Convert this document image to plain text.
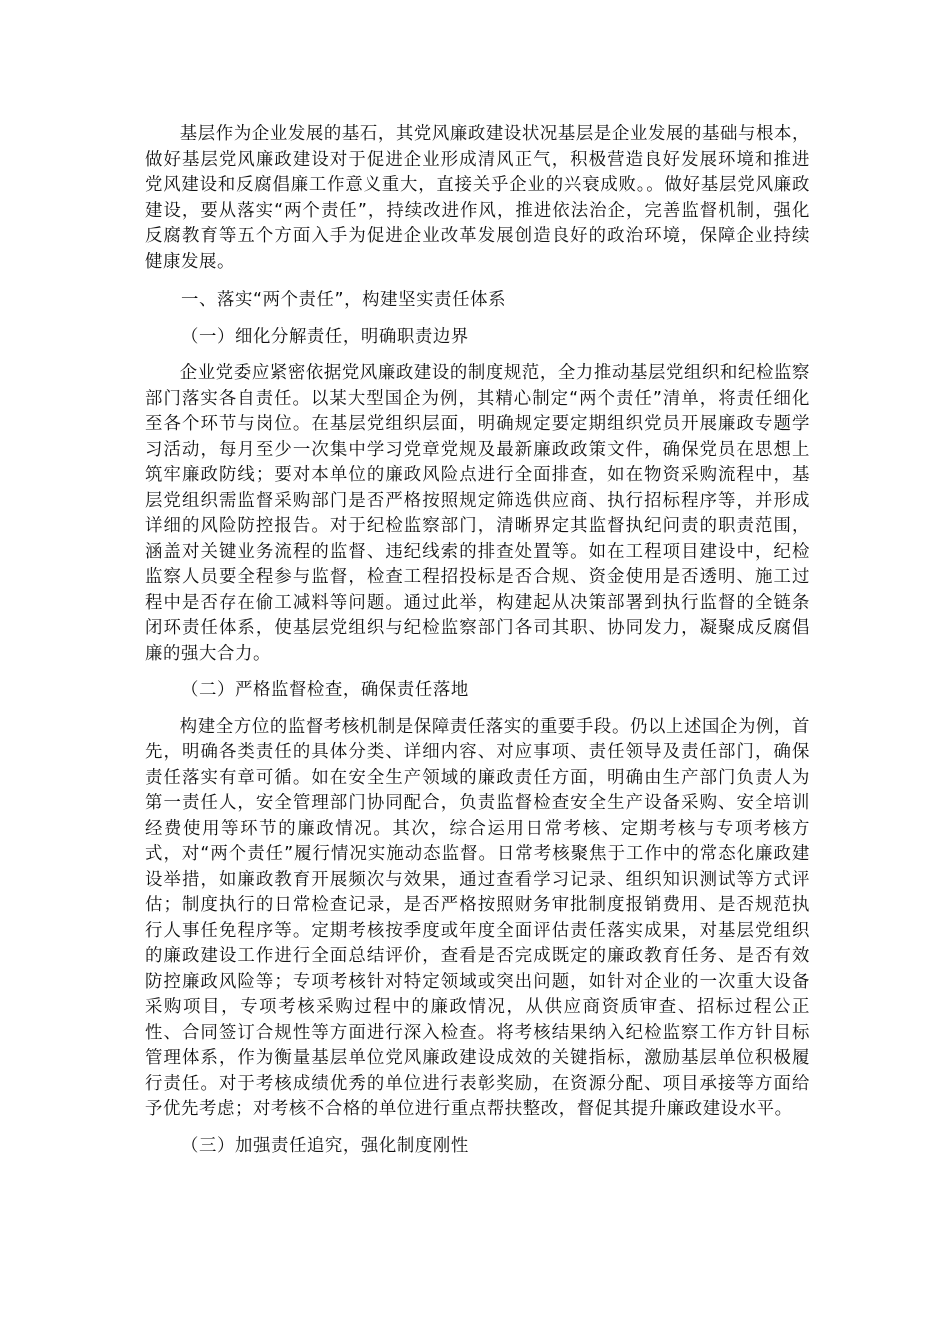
基层作为企业发展的基石，其党风廉政建设状况基层是企业发展的基础与根本，做好基层党风廉政建设对于促进企业形成清风正气，积极营造良好发展环境和推进党风建设和反腐倡廉工作意义重大，直接关乎企业的兴衰成败。。做好基层党风廉政建设，要从落实“两个责任”，持续改进作风，推进依法治企，完善监督机制，强化反腐教育等五个方面入手为促进企业改革发展创造良好的政治环境，保障企业持续健康发展。

一、落实“两个责任”，构建坚实责任体系

（一）细化分解责任，明确职责边界

企业党委应紧密依据党风廉政建设的制度规范，全力推动基层党组织和纪检监察部门落实各自责任。以某大型国企为例，其精心制定“两个责任”清单，将责任细化至各个环节与岗位。在基层党组织层面，明确规定要定期组织党员开展廉政专题学习活动，每月至少一次集中学习党章党规及最新廉政政策文件，确保党员在思想上筑牢廉政防线；要对本单位的廉政风险点进行全面排查，如在物资采购流程中，基层党组织需监督采购部门是否严格按照规定筛选供应商、执行招标程序等，并形成详细的风险防控报告。对于纪检监察部门，清晰界定其监督执纪问责的职责范围，涵盖对关键业务流程的监督、违纪线索的排查处置等。如在工程项目建设中，纪检监察人员要全程参与监督，检查工程招投标是否合规、资金使用是否透明、施工过程中是否存在偷工减料等问题。通过此举，构建起从决策部署到执行监督的全链条闭环责任体系，使基层党组织与纪检监察部门各司其职、协同发力，凝聚成反腐倡廉的强大合力。

（二）严格监督检查，确保责任落地

构建全方位的监督考核机制是保障责任落实的重要手段。仍以上述国企为例，首先，明确各类责任的具体分类、详细内容、对应事项、责任领导及责任部门，确保责任落实有章可循。如在安全生产领域的廉政责任方面，明确由生产部门负责人为第一责任人，安全管理部门协同配合，负责监督检查安全生产设备采购、安全培训经费使用等环节的廉政情况。其次，综合运用日常考核、定期考核与专项考核方式，对“两个责任”履行情况实施动态监督。日常考核聚焦于工作中的常态化廉政建设举措，如廉政教育开展频次与效果，通过查看学习记录、组织知识测试等方式评估；制度执行的日常检查记录，是否严格按照财务审批制度报销费用、是否规范执行人事任免程序等。定期考核按季度或年度全面评估责任落实成果，对基层党组织的廉政建设工作进行全面总结评价，查看是否完成既定的廉政教育任务、是否有效防控廉政风险等；专项考核针对特定领域或突出问题，如针对企业的一次重大设备采购项目，专项考核采购过程中的廉政情况，从供应商资质审查、招标过程公正性、合同签订合规性等方面进行深入检查。将考核结果纳入纪检监察工作方针目标管理体系，作为衡量基层单位党风廉政建设成效的关键指标，激励基层单位积极履行责任。对于考核成绩优秀的单位进行表彰奖励，在资源分配、项目承接等方面给予优先考虑；对考核不合格的单位进行重点帮扶整改，督促其提升廉政建设水平。

（三）加强责任追究，强化制度刚性
